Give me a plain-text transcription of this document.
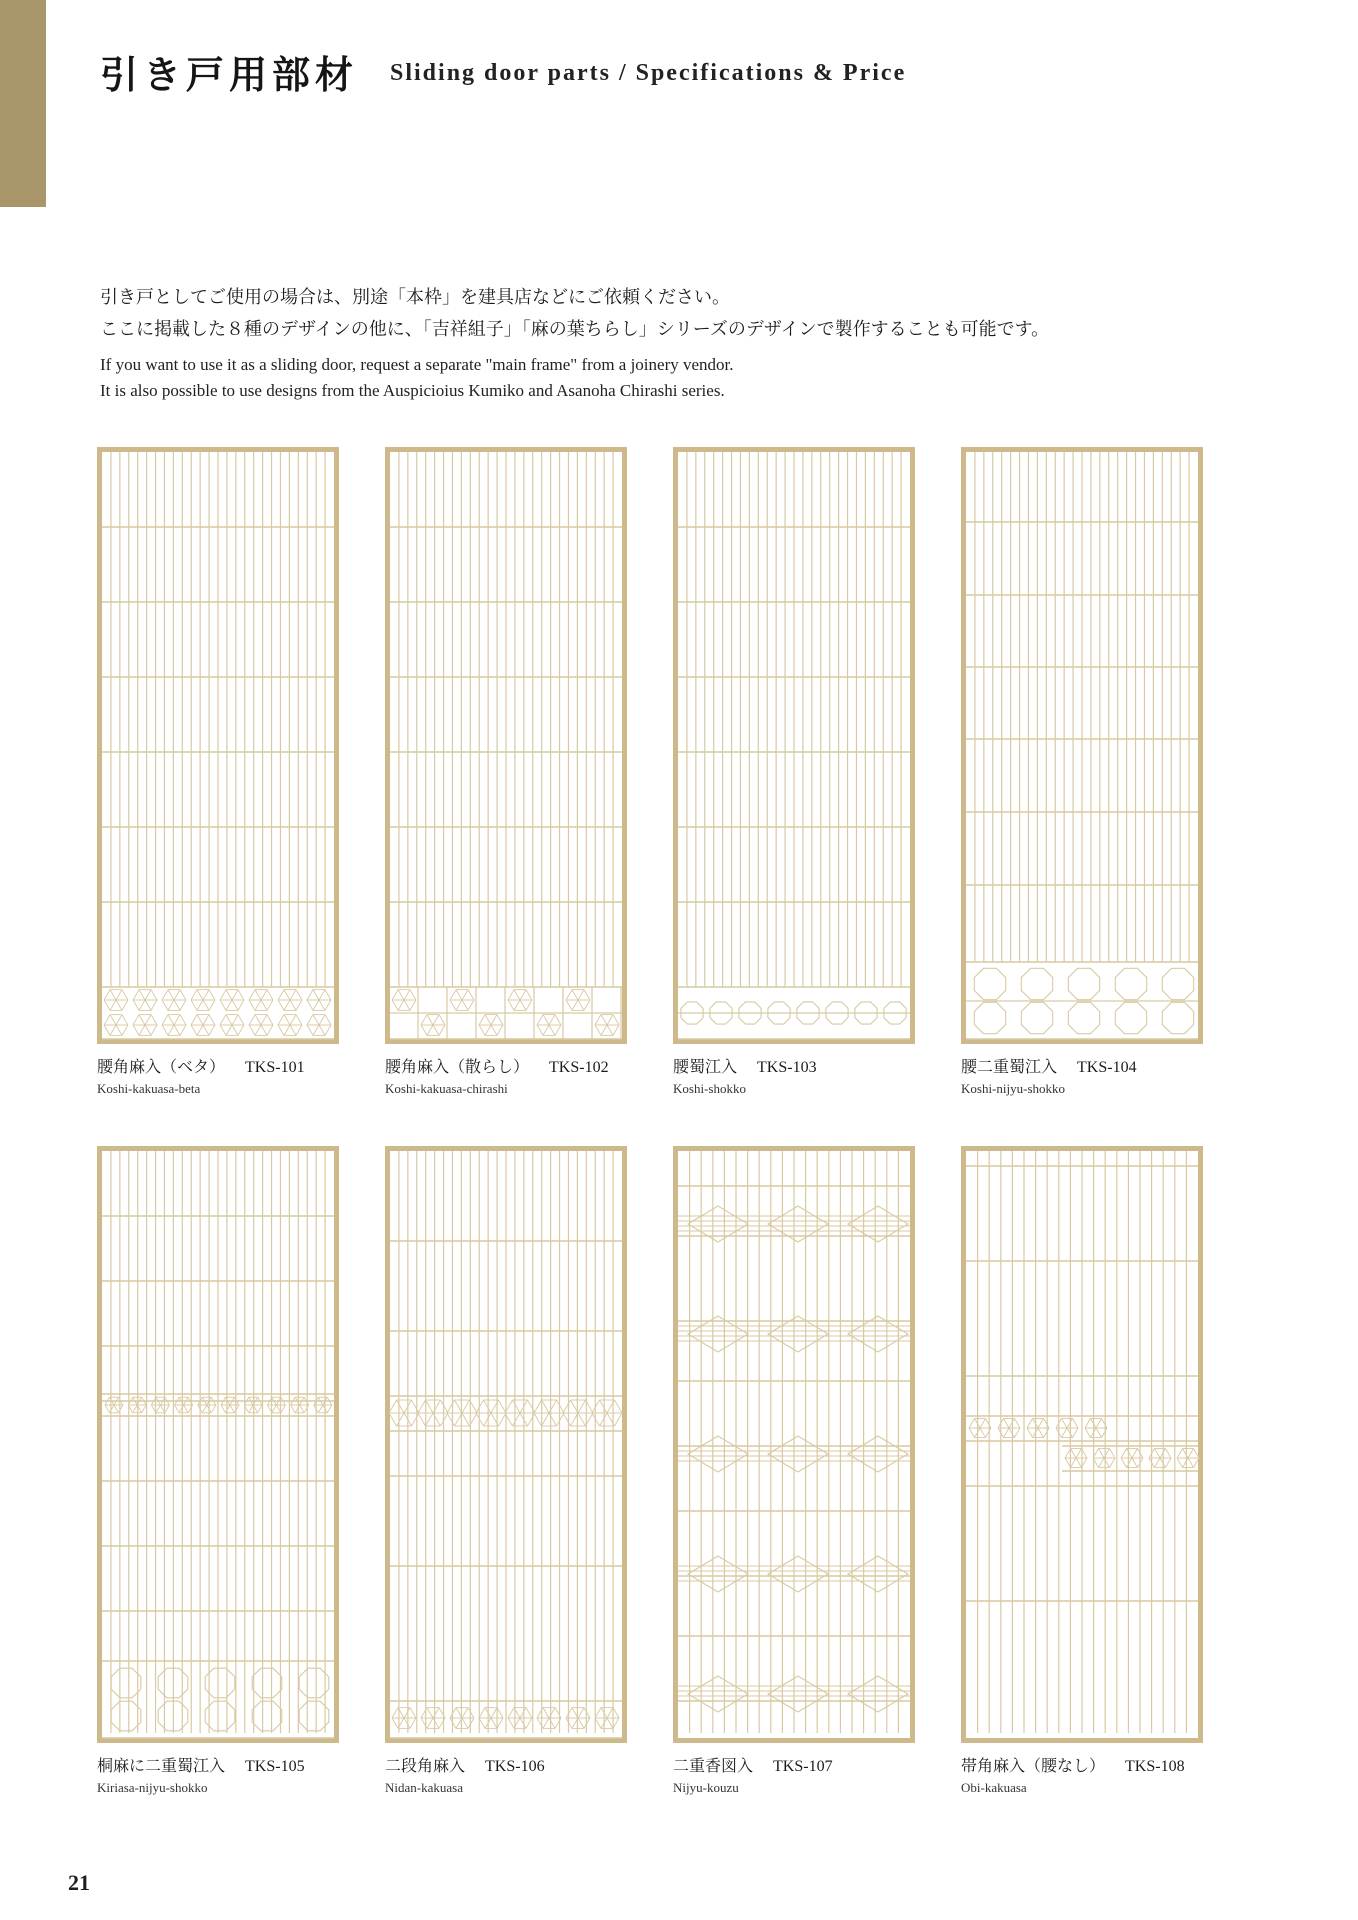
引き戸用部材 Sliding door parts / Specifications & Price

引き戸としてご使用の場合は、別途「本枠」を建具店などにご依頼ください。

ここに掲載した８種のデザインの他に、「吉祥組子」「麻の葉ちらし」シリーズのデザインで製作することも可能です。

If you want to use it as a sliding door, request a separate "main frame" from a joinery vendor.

It is also possible to use designs from the Auspicioius Kumiko and Asanoha Chirashi series.

腰角麻入（ベタ） TKS-101

Koshi-kakuasa-beta

腰角麻入（散らし） TKS-102

Koshi-kakuasa-chirashi

腰蜀江入 TKS-103

Koshi-shokko

腰二重蜀江入 TKS-104

Koshi-nijyu-shokko

桐麻に二重蜀江入 TKS-105

Kiriasa-nijyu-shokko

二段角麻入 TKS-106

Nidan-kakuasa

二重香図入 TKS-107

Nijyu-kouzu

帯角麻入（腰なし） TKS-108

Obi-kakuasa

21
